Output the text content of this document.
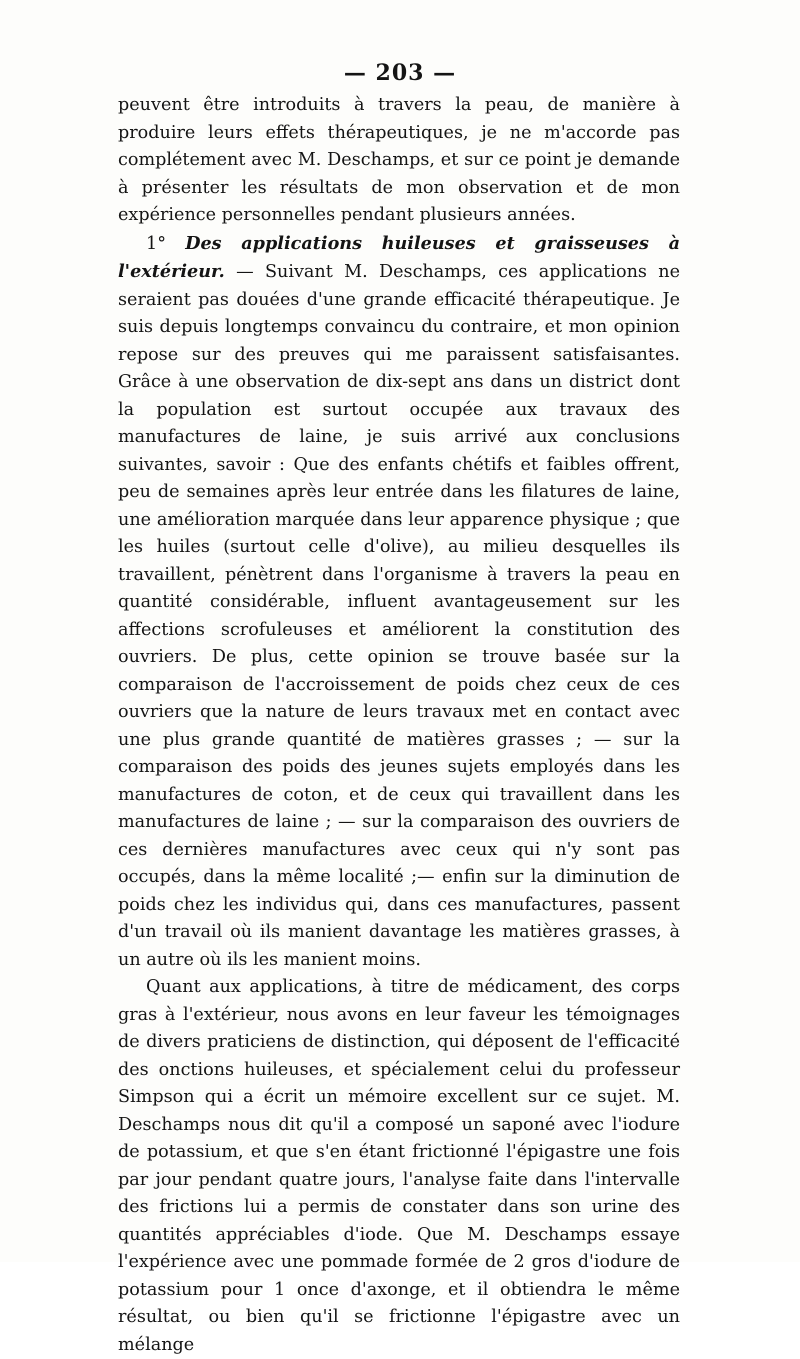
— 203 —

peuvent être introduits à travers la peau, de manière à produire leurs effets thérapeutiques, je ne m'accorde pas complétement avec M. Deschamps, et sur ce point je demande à présenter les résultats de mon observation et de mon expérience personnelles pendant plusieurs années.

1° Des applications huileuses et graisseuses à l'extérieur. — Suivant M. Deschamps, ces applications ne seraient pas douées d'une grande efficacité thérapeutique. Je suis depuis longtemps convaincu du contraire, et mon opinion repose sur des preuves qui me paraissent satisfaisantes. Grâce à une observation de dix-sept ans dans un district dont la population est surtout occupée aux travaux des manufactures de laine, je suis arrivé aux conclusions suivantes, savoir : Que des enfants chétifs et faibles offrent, peu de semaines après leur entrée dans les filatures de laine, une amélioration marquée dans leur apparence physique ; que les huiles (surtout celle d'olive), au milieu desquelles ils travaillent, pénètrent dans l'organisme à travers la peau en quantité considérable, influent avantageusement sur les affections scrofuleuses et améliorent la constitution des ouvriers. De plus, cette opinion se trouve basée sur la comparaison de l'accroissement de poids chez ceux de ces ouvriers que la nature de leurs travaux met en contact avec une plus grande quantité de matières grasses ; — sur la comparaison des poids des jeunes sujets employés dans les manufactures de coton, et de ceux qui travaillent dans les manufactures de laine ; — sur la comparaison des ouvriers de ces dernières manufactures avec ceux qui n'y sont pas occupés, dans la même localité ;— enfin sur la diminution de poids chez les individus qui, dans ces manufactures, passent d'un travail où ils manient davantage les matières grasses, à un autre où ils les manient moins.

Quant aux applications, à titre de médicament, des corps gras à l'extérieur, nous avons en leur faveur les témoignages de divers praticiens de distinction, qui déposent de l'efficacité des onctions huileuses, et spécialement celui du professeur Simpson qui a écrit un mémoire excellent sur ce sujet. M. Deschamps nous dit qu'il a composé un saponé avec l'iodure de potassium, et que s'en étant frictionné l'épigastre une fois par jour pendant quatre jours, l'analyse faite dans l'intervalle des frictions lui a permis de constater dans son urine des quantités appréciables d'iode. Que M. Deschamps essaye l'expérience avec une pommade formée de 2 gros d'iodure de potassium pour 1 once d'axonge, et il obtiendra le même résultat, ou bien qu'il se frictionne l'épigastre avec un mélange
